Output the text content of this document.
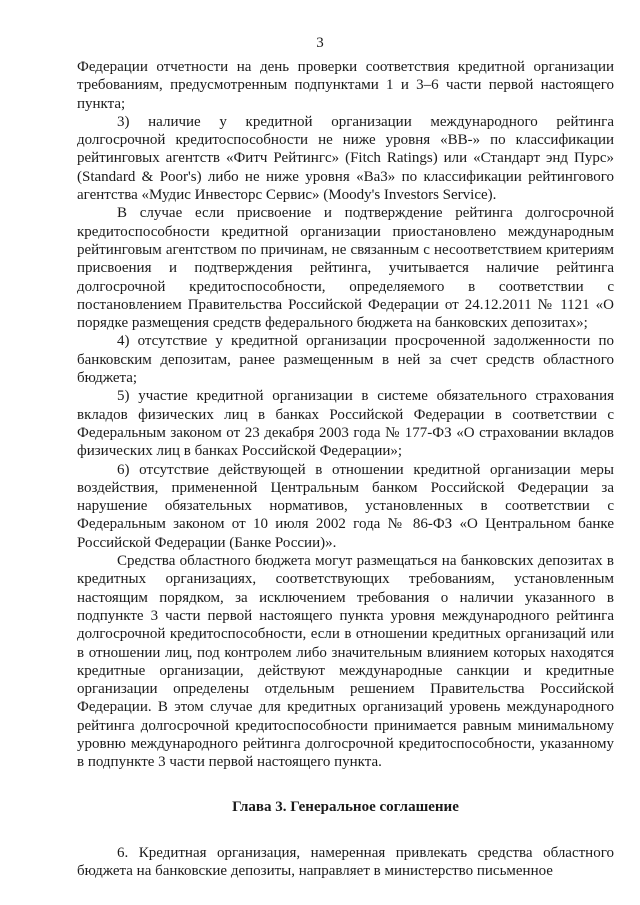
3

Федерации отчетности на день проверки соответствия кредитной организации требованиям, предусмотренным подпунктами 1 и 3–6 части первой настоящего пункта;

3) наличие у кредитной организации международного рейтинга долгосрочной кредитоспособности не ниже уровня «ВВ-» по классификации рейтинговых агентств «Фитч Рейтингс» (Fitch Ratings) или «Стандарт энд Пурс» (Standard & Poor's) либо не ниже уровня «Ва3» по классификации рейтингового агентства «Мудис Инвесторс Сервис» (Moody's Investors Service).

В случае если присвоение и подтверждение рейтинга долгосрочной кредитоспособности кредитной организации приостановлено международным рейтинговым агентством по причинам, не связанным с несоответствием критериям присвоения и подтверждения рейтинга, учитывается наличие рейтинга долгосрочной кредитоспособности, определяемого в соответствии с постановлением Правительства Российской Федерации от 24.12.2011 № 1121 «О порядке размещения средств федерального бюджета на банковских депозитах»;

4) отсутствие у кредитной организации просроченной задолженности по банковским депозитам, ранее размещенным в ней за счет средств областного бюджета;

5) участие кредитной организации в системе обязательного страхования вкладов физических лиц в банках Российской Федерации в соответствии с Федеральным законом от 23 декабря 2003 года № 177-ФЗ «О страховании вкладов физических лиц в банках Российской Федерации»;

6) отсутствие действующей в отношении кредитной организации меры воздействия, примененной Центральным банком Российской Федерации за нарушение обязательных нормативов, установленных в соответствии с Федеральным законом от 10 июля 2002 года № 86-ФЗ «О Центральном банке Российской Федерации (Банке России)».

Средства областного бюджета могут размещаться на банковских депозитах в кредитных организациях, соответствующих требованиям, установленным настоящим порядком, за исключением требования о наличии указанного в подпункте 3 части первой настоящего пункта уровня международного рейтинга долгосрочной кредитоспособности, если в отношении кредитных организаций или в отношении лиц, под контролем либо значительным влиянием которых находятся кредитные организации, действуют международные санкции и кредитные организации определены отдельным решением Правительства Российской Федерации. В этом случае для кредитных организаций уровень международного рейтинга долгосрочной кредитоспособности принимается равным минимальному уровню международного рейтинга долгосрочной кредитоспособности, указанному в подпункте 3 части первой настоящего пункта.

Глава 3. Генеральное соглашение

6. Кредитная организация, намеренная привлекать средства областного бюджета на банковские депозиты, направляет в министерство письменное
